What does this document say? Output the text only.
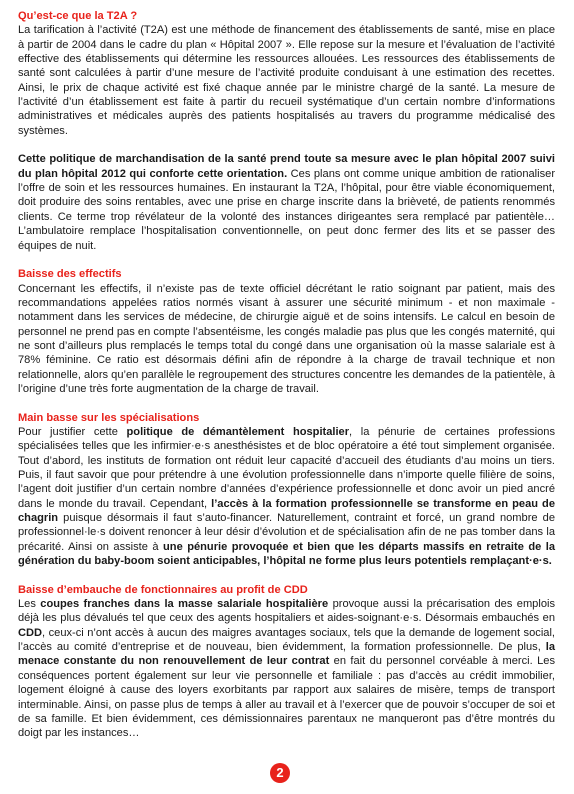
Qu’est-ce que la T2A ?

La tarification à l’activité (T2A) est une méthode de financement des établissements de santé, mise en place à partir de 2004 dans le cadre du plan « Hôpital 2007 ». Elle repose sur la mesure et l’évaluation de l’activité effective des établissements qui détermine les ressources allouées. Les ressources des établissements de santé sont calculées à partir d’une mesure de l’activité produite conduisant à une estimation des recettes. Ainsi, le prix de chaque activité est fixé chaque année par le ministre chargé de la santé. La mesure de l’activité d’un établissement est faite à partir du recueil systématique d’un certain nombre d’informations administratives et médicales auprès des patients hospitalisés au travers du programme médicalisé des systèmes.

Cette politique de marchandisation de la santé prend toute sa mesure avec le plan hôpital 2007 suivi du plan hôpital 2012 qui conforte cette orientation. Ces plans ont comme unique ambition de rationaliser l’offre de soin et les ressources humaines. En instaurant la T2A, l’hôpital, pour être viable économiquement, doit produire des soins rentables, avec une prise en charge inscrite dans la brièveté, de patients renommés clients. Ce terme trop révélateur de la volonté des instances dirigeantes sera remplacé par patientèle… L’ambulatoire remplace l’hospitalisation conventionnelle, on peut donc fermer des lits et se passer des équipes de nuit.

Baisse des effectifs

Concernant les effectifs, il n’existe pas de texte officiel décrétant le ratio soignant par patient, mais des recommandations appelées ratios normés visant à assurer une sécurité minimum - et non maximale - notamment dans les services de médecine, de chirurgie aiguë et de soins intensifs. Le calcul en besoin de personnel ne prend pas en compte l’absentéisme, les congés maladie pas plus que les congés maternité, qui ne sont d’ailleurs plus remplacés le temps total du congé dans une organisation où la masse salariale est à 78% féminine. Ce ratio est désormais défini afin de répondre à la charge de travail technique et non relationnelle, alors qu’en parallèle le regroupement des structures concentre les demandes de la patientèle, à l’origine d’une très forte augmentation de la charge de travail.

Main basse sur les spécialisations

Pour justifier cette politique de démantèlement hospitalier, la pénurie de certaines professions spécialisées telles que les infirmier·e·s anesthésistes et de bloc opératoire a été tout simplement organisée. Tout d’abord, les instituts de formation ont réduit leur capacité d’accueil des étudiants d’au moins un tiers. Puis, il faut savoir que pour prétendre à une évolution professionnelle dans n’importe quelle filière de soins, l’agent doit justifier d’un certain nombre d’années d’expérience professionnelle et donc avoir un pied ancré dans le monde du travail. Cependant, l’accès à la formation professionnelle se transforme en peau de chagrin puisque désormais il faut s’auto-financer. Naturellement, contraint et forcé, un grand nombre de professionnel·le·s doivent renoncer à leur désir d’évolution et de spécialisation afin de ne pas tomber dans la précarité. Ainsi on assiste à une pénurie provoquée et bien que les départs massifs en retraite de la génération du baby-boom soient anticipables, l’hôpital ne forme plus leurs potentiels remplaçant·e·s.

Baisse d’embauche de fonctionnaires au profit de CDD

Les coupes franches dans la masse salariale hospitalière provoque aussi la précarisation des emplois déjà les plus dévalués tel que ceux des agents hospitaliers et aides-soignant·e·s. Désormais embauchés en CDD, ceux-ci n’ont accès à aucun des maigres avantages sociaux, tels que la demande de logement social, l’accès au comité d’entreprise et de nouveau, bien évidemment, la formation professionnelle. De plus, la menace constante du non renouvellement de leur contrat en fait du personnel corvéable à merci. Les conséquences portent également sur leur vie personnelle et familiale : pas d’accès au crédit immobilier, logement éloigné à cause des loyers exorbitants par rapport aux salaires de misère, temps de transport interminable. Ainsi, on passe plus de temps à aller au travail et à l’exercer que de pouvoir s’occuper de soi et de sa famille. Et bien évidemment, ces démissionnaires parentaux ne manqueront pas d’être montrés du doigt par les instances…

2
